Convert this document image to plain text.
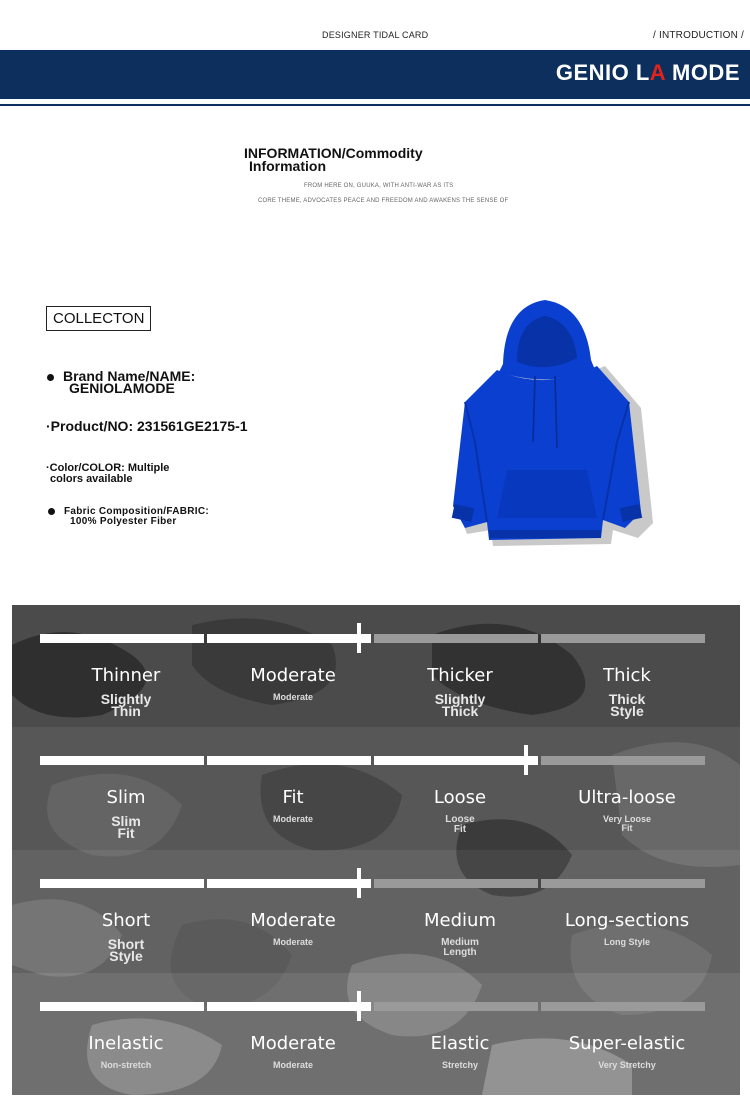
DESIGNER TIDAL CARD	/ INTRODUCTION /
GENIO LA MODE
INFORMATION/Commodity
Information
FROM HERE ON, GUUKA, WITH ANTI-WAR AS ITS
CORE THEME, ADVOCATES PEACE AND FREEDOM AND AWAKENS THE SENSE OF
COLLECTON
Brand Name/NAME:
GENIOLAMODE
·Product/NO: 231561GE2175-1
·Color/COLOR: Multiple
colors available
Fabric Composition/FABRIC:
100% Polyester Fiber
Thinner
Slightly
Thin
Moderate
Moderate
Thicker
Slightly
Thick
Thick
Thick
Style
Slim
Slim
Fit
Fit
Moderate
Loose
Loose
Fit
Ultra-loose
Very Loose
Fit
Short
Short
Style
Moderate
Moderate
Medium
Medium
Length
Long-sections
Long Style
Inelastic
Non-stretch
Moderate
Moderate
Elastic
Stretchy
Super-elastic
Very Stretchy
